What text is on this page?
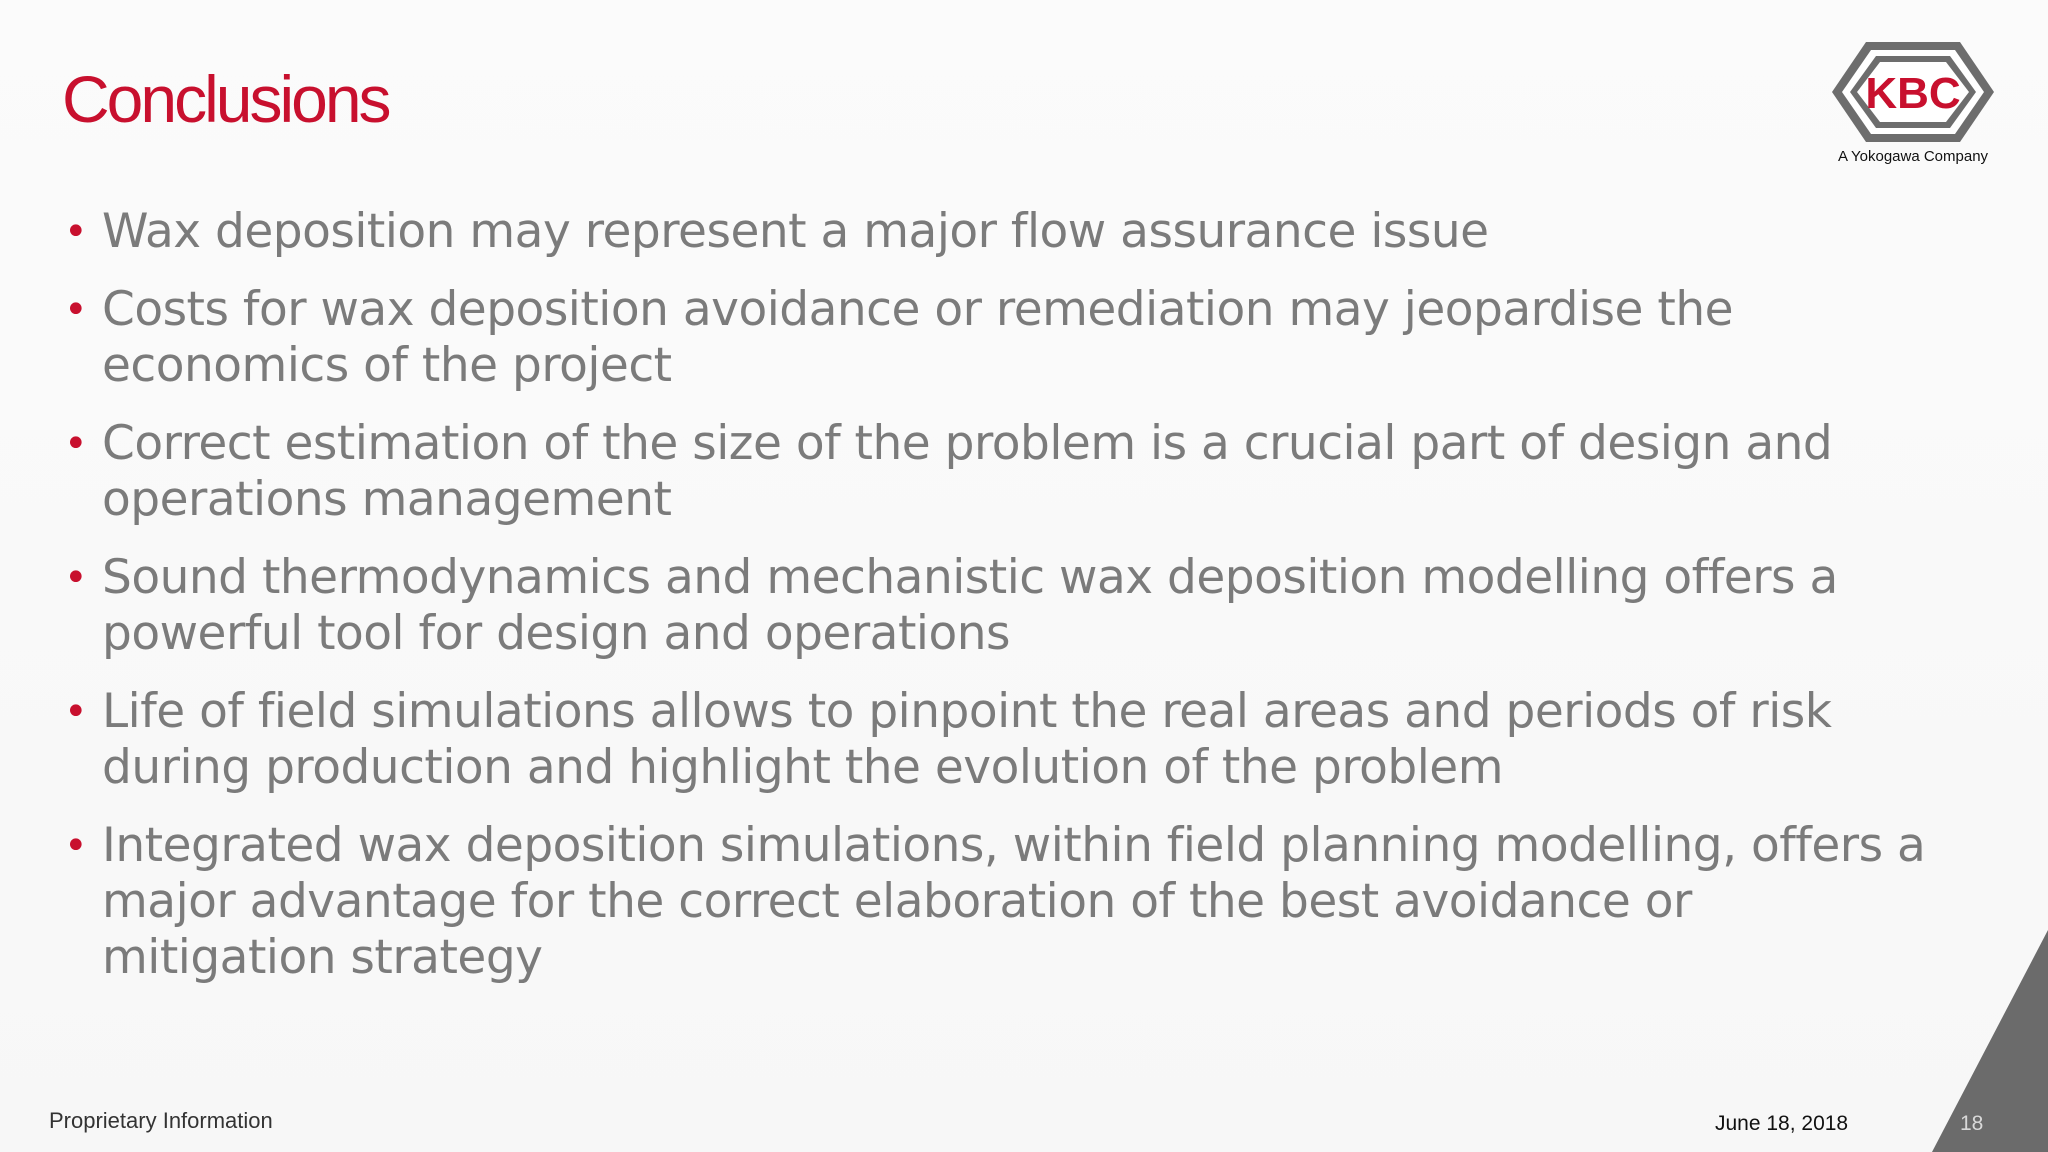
Conclusions	KBC
A Yokogawa Company
• Wax deposition may represent a major flow assurance issue
• Costs for wax deposition avoidance or remediation may jeopardise the economics of the project
• Correct estimation of the size of the problem is a crucial part of design and operations management
• Sound thermodynamics and mechanistic wax deposition modelling offers a powerful tool for design and operations
• Life of field simulations allows to pinpoint the real areas and periods of risk during production and highlight the evolution of the problem
• Integrated wax deposition simulations, within field planning modelling, offers a major advantage for the correct elaboration of the best avoidance or mitigation strategy
Proprietary Information	June 18, 2018	18
